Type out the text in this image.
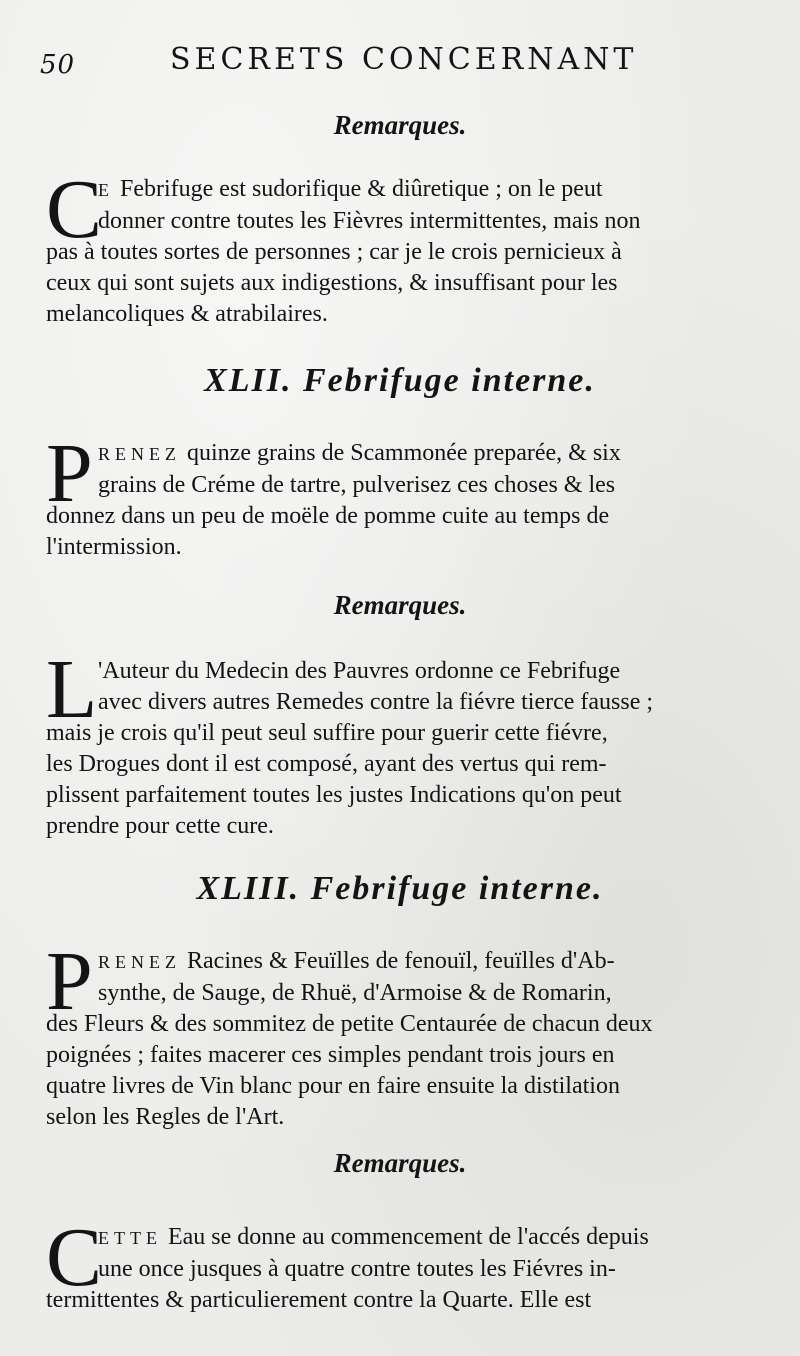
50	SECRETS CONCERNANT
Remarques.
C
E Febrifuge est sudorifique & diûretique ; on le peut
donner contre toutes les Fièvres intermittentes, mais non
pas à toutes sortes de personnes ; car je le crois pernicieux à
ceux qui sont sujets aux indigestions, & insuffisant pour les
melancoliques & atrabilaires.
XLII. Febrifuge interne.
P RENEZ quinze grains de Scammonée preparée, & six
grains de Créme de tartre, pulverisez ces choses & les
donnez dans un peu de moële de pomme cuite au temps de
l'intermission.
Remarques.
L 'Auteur du Medecin des Pauvres ordonne ce Febrifuge
avec divers autres Remedes contre la fiévre tierce fausse ;
mais je crois qu'il peut seul suffire pour guerir cette fiévre,
les Drogues dont il est composé, ayant des vertus qui rem-
plissent parfaitement toutes les justes Indications qu'on peut
prendre pour cette cure.
XLIII. Febrifuge interne.
P RENEZ Racines & Feuïlles de fenouïl, feuïlles d'Ab-
synthe, de Sauge, de Rhuë, d'Armoise & de Romarin,
des Fleurs & des sommitez de petite Centaurée de chacun deux
poignées ; faites macerer ces simples pendant trois jours en
quatre livres de Vin blanc pour en faire ensuite la distilation
selon les Regles de l'Art.
Remarques.
C
ETTE Eau se donne au commencement de l'accés depuis
une once jusques à quatre contre toutes les Fiévres in-
termittentes & particulierement contre la Quarte. Elle est
